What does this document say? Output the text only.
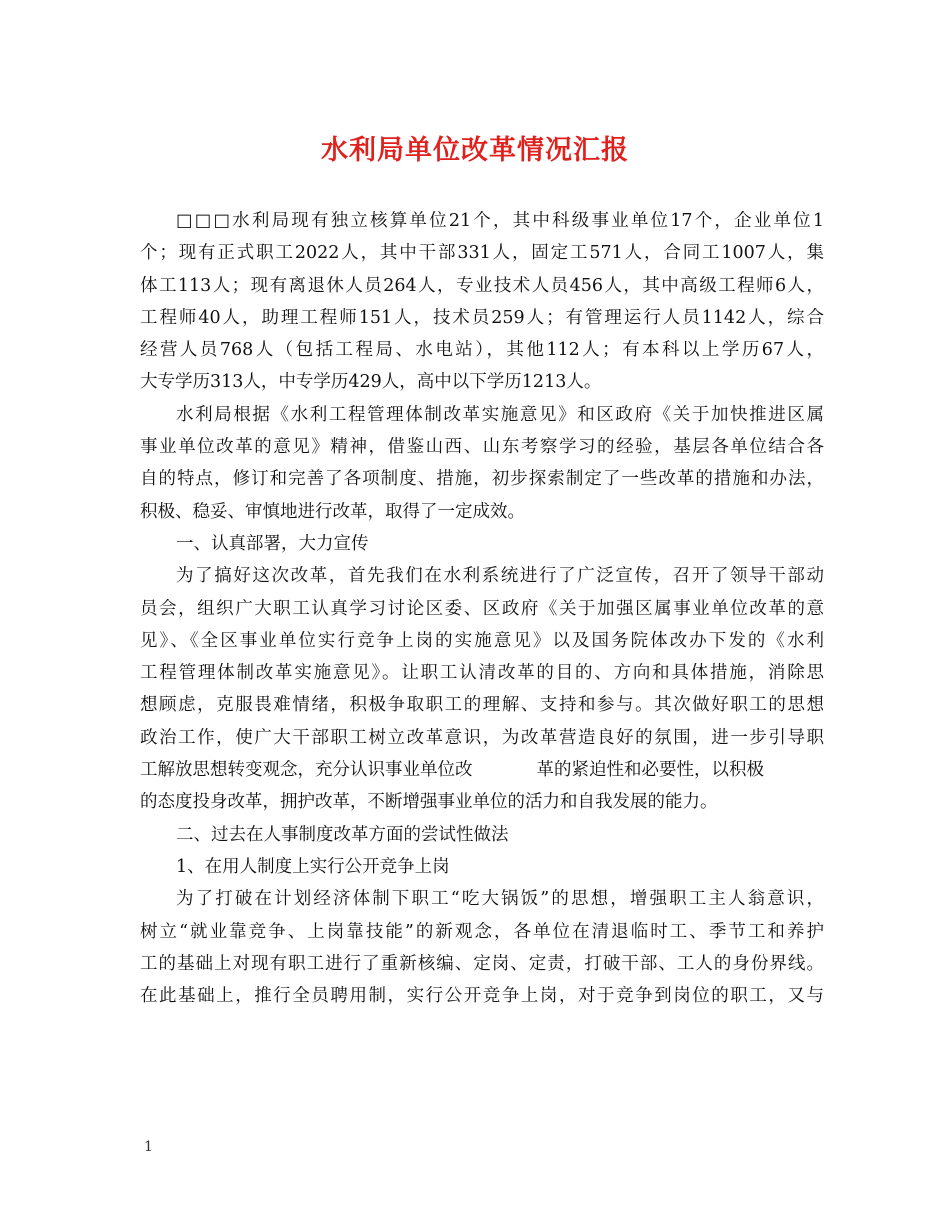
水利局单位改革情况汇报
□□□水利局现有独立核算单位21个，其中科级事业单位17个，企业单位1
个；现有正式职工2022人，其中干部331人，固定工571人，合同工1007人，集
体工113人；现有离退休人员264人，专业技术人员456人，其中高级工程师6人，
工程师40人，助理工程师151人，技术员259人；有管理运行人员1142人，综合
经营人员768人（包括工程局、水电站），其他112人；有本科以上学历67人，
大专学历313人，中专学历429人，高中以下学历1213人。
水利局根据《水利工程管理体制改革实施意见》和区政府《关于加快推进区属
事业单位改革的意见》精神，借鉴山西、山东考察学习的经验，基层各单位结合各
自的特点，修订和完善了各项制度、措施，初步探索制定了一些改革的措施和办法，
积极、稳妥、审慎地进行改革，取得了一定成效。
一、认真部署，大力宣传
为了搞好这次改革，首先我们在水利系统进行了广泛宣传，召开了领导干部动
员会，组织广大职工认真学习讨论区委、区政府《关于加强区属事业单位改革的意
见》、《全区事业单位实行竞争上岗的实施意见》以及国务院体改办下发的《水利
工程管理体制改革实施意见》。让职工认清改革的目的、方向和具体措施，消除思
想顾虑，克服畏难情绪，积极争取职工的理解、支持和参与。其次做好职工的思想
政治工作，使广大干部职工树立改革意识，为改革营造良好的氛围，进一步引导职
工解放思想转变观念，充分认识事业单位改	革的紧迫性和必要性，以积极
的态度投身改革，拥护改革，不断增强事业单位的活力和自我发展的能力。
二、过去在人事制度改革方面的尝试性做法
1、在用人制度上实行公开竞争上岗
为了打破在计划经济体制下职工“吃大锅饭”的思想，增强职工主人翁意识，
树立“就业靠竞争、上岗靠技能”的新观念，各单位在清退临时工、季节工和养护
工的基础上对现有职工进行了重新核编、定岗、定责，打破干部、工人的身份界线。
在此基础上，推行全员聘用制，实行公开竞争上岗，对于竞争到岗位的职工，又与
1
